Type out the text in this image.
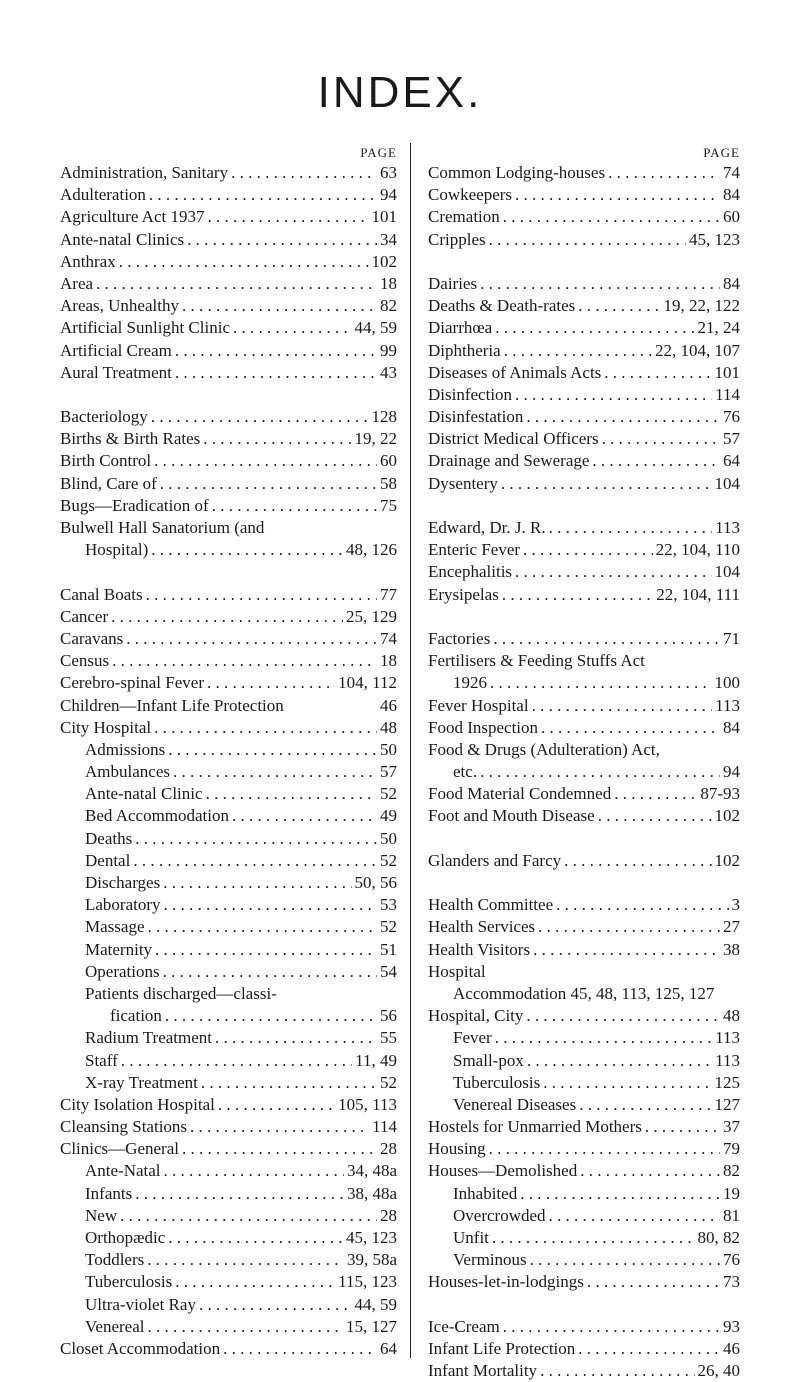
INDEX.
PAGE
Administration, Sanitary . . .	63
Adulteration . . .	94
Agriculture Act 1937 . . .	101
Ante-natal Clinics . . .	34
Anthrax . . .	102
Area . . .	18
Areas, Unhealthy . . .	82
Artificial Sunlight Clinic . . .	44, 59
Artificial Cream . . .	99
Aural Treatment . . .	43
Bacteriology . . .	128
Births & Birth Rates . . .	19, 22
Birth Control . . .	60
Blind, Care of . . .	58
Bugs—Eradication of . . .	75
Bulwell Hall Sanatorium (and
Hospital) . . .	48, 126
Canal Boats . . .	77
Cancer . . .	25, 129
Caravans . . .	74
Census . . .	18
Cerebro-spinal Fever . . .	104, 112
Children—Infant Life Protection	46
City Hospital . . .	48
Admissions . . .	50
Ambulances . . .	57
Ante-natal Clinic . . .	52
Bed Accommodation . . .	49
Deaths . . .	50
Dental . . .	52
Discharges . . .	50, 56
Laboratory . . .	53
Massage . . .	52
Maternity . . .	51
Operations . . .	54
Patients discharged—classi-
fication . . .	56
Radium Treatment . . .	55
Staff . . .	11, 49
X-ray Treatment . . .	52
City Isolation Hospital . . .	105, 113
Cleansing Stations . . .	114
Clinics—General . . .	28
Ante-Natal . . .	34, 48a
Infants . . .	38, 48a
New . . .	28
Orthopædic . . .	45, 123
Toddlers . . .	39, 58a
Tuberculosis . . .	115, 123
Ultra-violet Ray . . .	44, 59
Venereal . . .	15, 127
Closet Accommodation . . .	64
PAGE
Common Lodging-houses . . .	74
Cowkeepers . . .	84
Cremation . . .	60
Cripples . . .	45, 123
Dairies . . .	84
Deaths & Death-rates . . .	19, 22, 122
Diarrhœa . . .	21, 24
Diphtheria . . .	22, 104, 107
Diseases of Animals Acts . . .	101
Disinfection . . .	114
Disinfestation . . .	76
District Medical Officers . . .	57
Drainage and Sewerage . . .	64
Dysentery . . .	104
Edward, Dr. J. R. . . .	113
Enteric Fever . . .	22, 104, 110
Encephalitis . . .	104
Erysipelas . . .	22, 104, 111
Factories . . .	71
Fertilisers & Feeding Stuffs Act
1926 . . .	100
Fever Hospital . . .	113
Food Inspection . . .	84
Food & Drugs (Adulteration) Act,
etc. . . .	94
Food Material Condemned . . .	87-93
Foot and Mouth Disease . . .	102
Glanders and Farcy . . .	102
Health Committee . . .	3
Health Services . . .	27
Health Visitors . . .	38
Hospital
Accommodation 45, 48, 113, 125, 127
Hospital, City . . .	48
Fever . . .	113
Small-pox . . .	113
Tuberculosis . . .	125
Venereal Diseases . . .	127
Hostels for Unmarried Mothers . . .	37
Housing . . .	79
Houses—Demolished . . .	82
Inhabited . . .	19
Overcrowded . . .	81
Unfit . . .	80, 82
Verminous . . .	76
Houses-let-in-lodgings . . .	73
Ice-Cream . . .	93
Infant Life Protection . . .	46
Infant Mortality . . .	26, 40
